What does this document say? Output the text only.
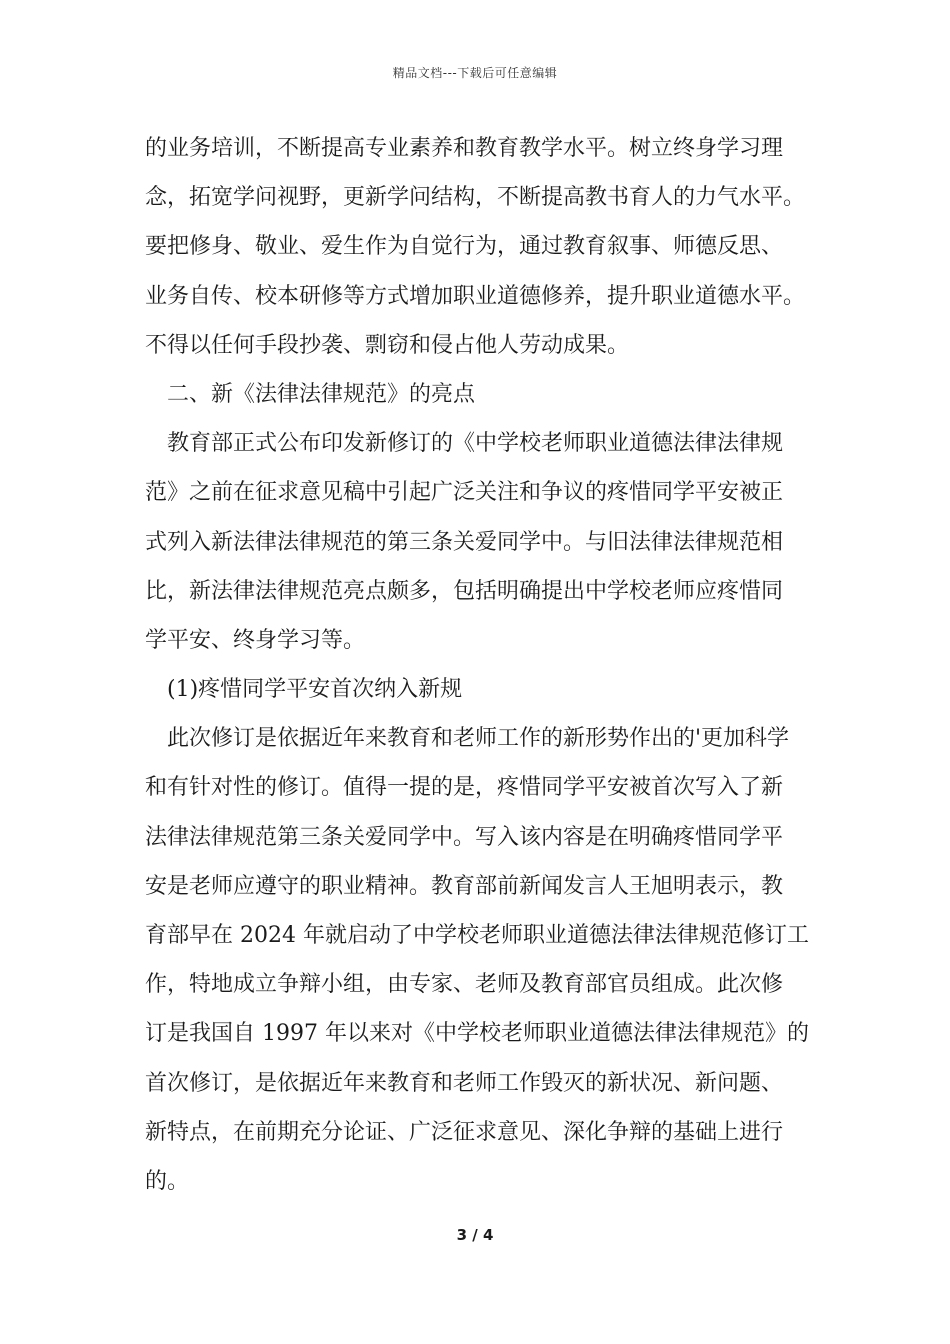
精品文档---下载后可任意编辑
的业务培训，不断提高专业素养和教育教学水平。树立终身学习理
念，拓宽学问视野，更新学问结构，不断提高教书育人的力气水平。
要把修身、敬业、爱生作为自觉行为，通过教育叙事、师德反思、
业务自传、校本研修等方式增加职业道德修养，提升职业道德水平。
不得以任何手段抄袭、剽窃和侵占他人劳动成果。
二、新《法律法律规范》的亮点
教育部正式公布印发新修订的《中学校老师职业道德法律法律规
范》之前在征求意见稿中引起广泛关注和争议的疼惜同学平安被正
式列入新法律法律规范的第三条关爱同学中。与旧法律法律规范相
比，新法律法律规范亮点颇多，包括明确提出中学校老师应疼惜同
学平安、终身学习等。
(1)疼惜同学平安首次纳入新规
此次修订是依据近年来教育和老师工作的新形势作出的'更加科学
和有针对性的修订。值得一提的是，疼惜同学平安被首次写入了新
法律法律规范第三条关爱同学中。写入该内容是在明确疼惜同学平
安是老师应遵守的职业精神。教育部前新闻发言人王旭明表示，教
育部早在 2024 年就启动了中学校老师职业道德法律法律规范修订工
作，特地成立争辩小组，由专家、老师及教育部官员组成。此次修
订是我国自 1997 年以来对《中学校老师职业道德法律法律规范》的
首次修订，是依据近年来教育和老师工作毁灭的新状况、新问题、
新特点，在前期充分论证、广泛征求意见、深化争辩的基础上进行
的。
3 / 4
